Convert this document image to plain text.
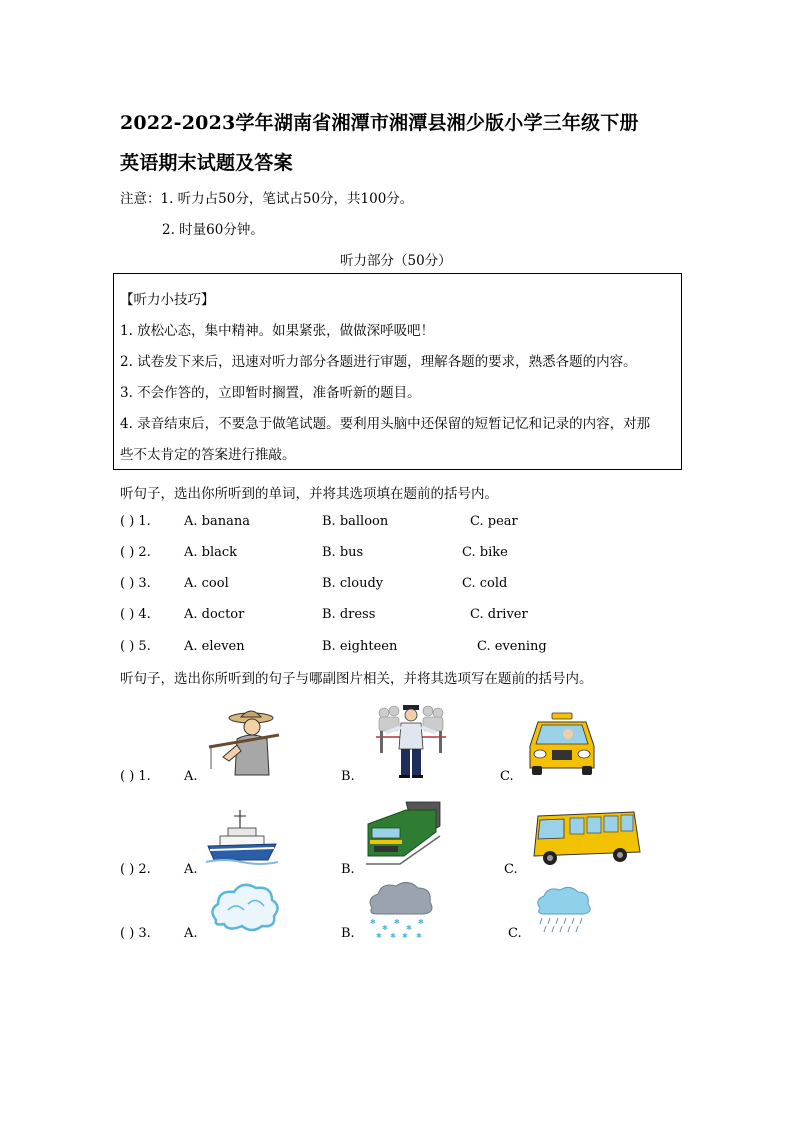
2022-2023学年湖南省湘潭市湘潭县湘少版小学三年级下册
英语期末试题及答案
注意：1. 听力占50分，笔试占50分，共100分。
2. 时量60分钟。
听力部分（50分）
【听力小技巧】
1. 放松心态，集中精神。如果紧张，做做深呼吸吧！
2. 试卷发下来后，迅速对听力部分各题进行审题，理解各题的要求，熟悉各题的内容。
3. 不会作答的，立即暂时搁置，准备听新的题目。
4. 录音结束后，不要急于做笔试题。要利用头脑中还保留的短暂记忆和记录的内容，对那
些不太肯定的答案进行推敲。
听句子，选出你所听到的单词，并将其选项填在题前的括号内。
( ) 1.	A. banana	B. balloon	C. pear
( ) 2.	A. black	B. bus	C. bike
( ) 3.	A. cool	B. cloudy	C. cold
( ) 4.	A. doctor	B. dress	C. driver
( ) 5.	A. eleven	B. eighteen	C. evening
听句子，选出你所听到的句子与哪副图片相关，并将其选项写在题前的括号内。
( ) 1.	A.	B.	C.
( ) 2.	A.	B.	C.
( ) 3.	A.	B.	C.
✱
✱
✱
✱
✱
✱ ✱ ✱ ✱
